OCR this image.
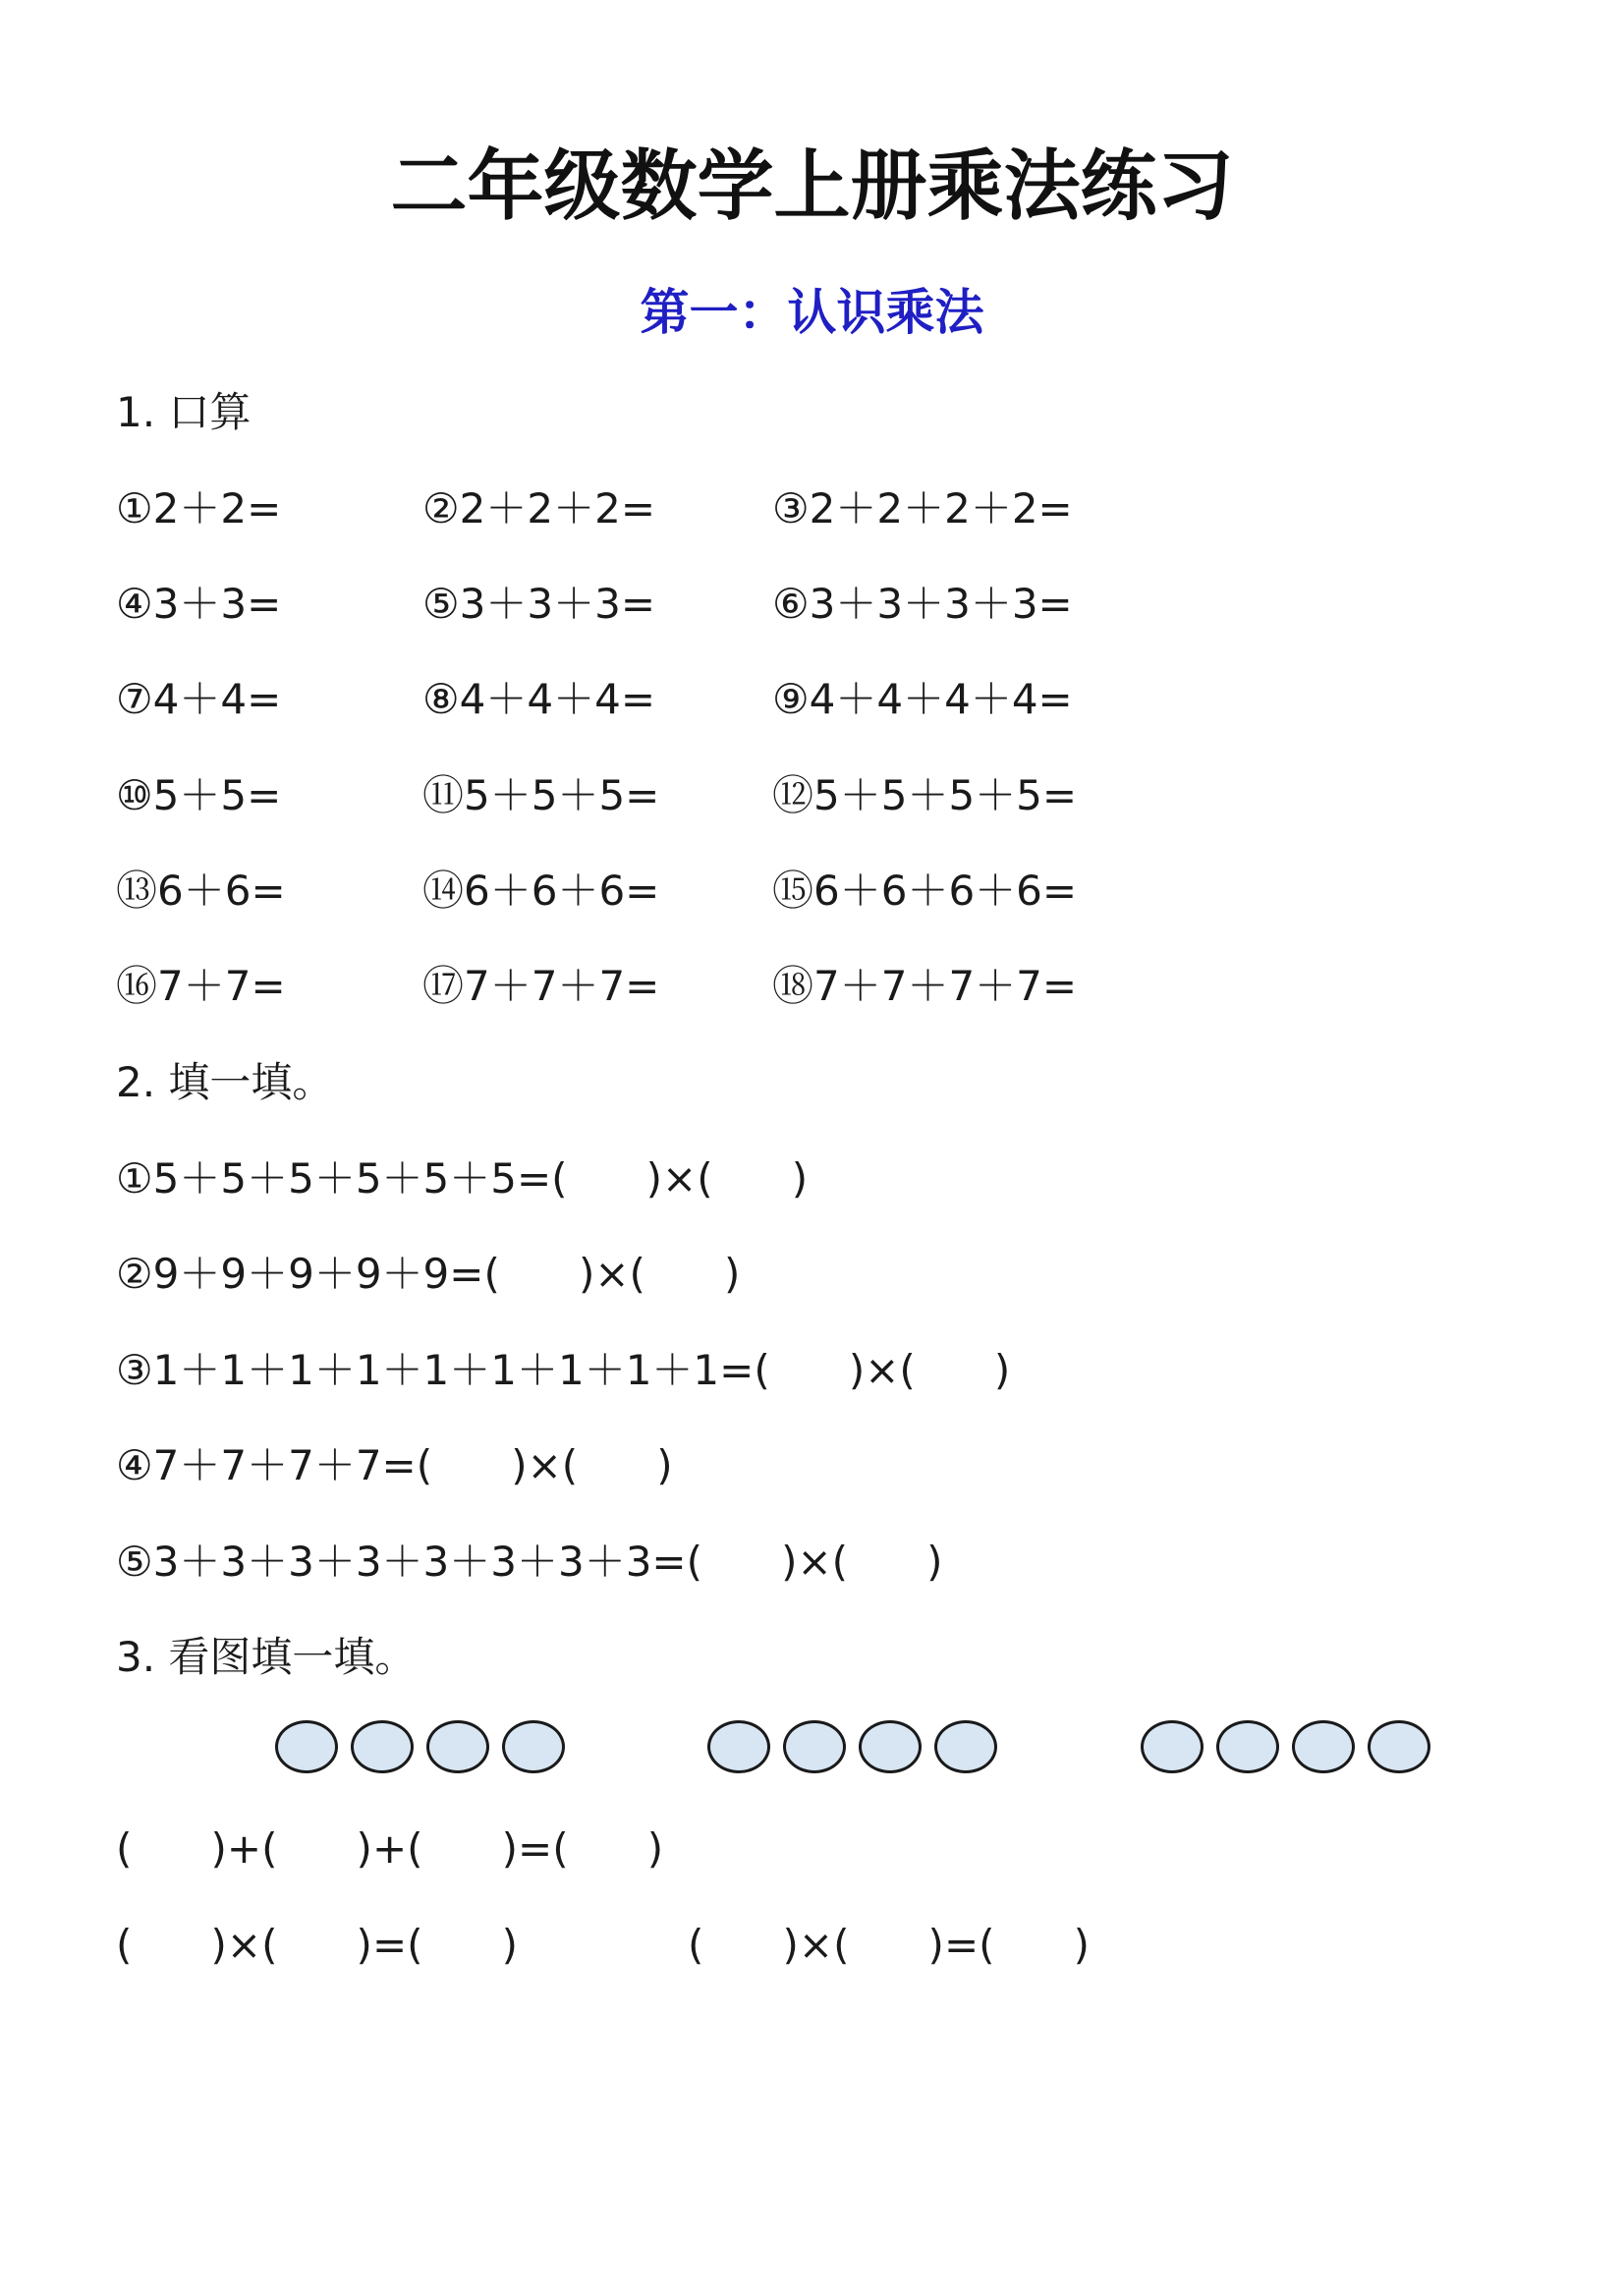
二年级数学上册乘法练习
第一：认识乘法
1. 口算
①2＋2=	②2＋2＋2=	③2＋2＋2＋2=
④3＋3=	⑤3＋3＋3=	⑥3＋3＋3＋3=
⑦4＋4=	⑧4＋4＋4=	⑨4＋4＋4＋4=
⑩5＋5=	⑪5＋5＋5=	⑫5＋5＋5＋5=
⑬6＋6=	⑭6＋6＋6=	⑮6＋6＋6＋6=
⑯7＋7=	⑰7＋7＋7=	⑱7＋7＋7＋7=
2. 填一填。
①5＋5＋5＋5＋5＋5=(      )×(      )
②9＋9＋9＋9＋9=(      )×(      )
③1＋1＋1＋1＋1＋1＋1＋1＋1=(      )×(      )
④7＋7＋7＋7=(      )×(      )
⑤3＋3＋3＋3＋3＋3＋3＋3=(      )×(      )
3. 看图填一填。
(      )+(      )+(      )=(      )
(      )×(      )=(      )	(      )×(      )=(      )
